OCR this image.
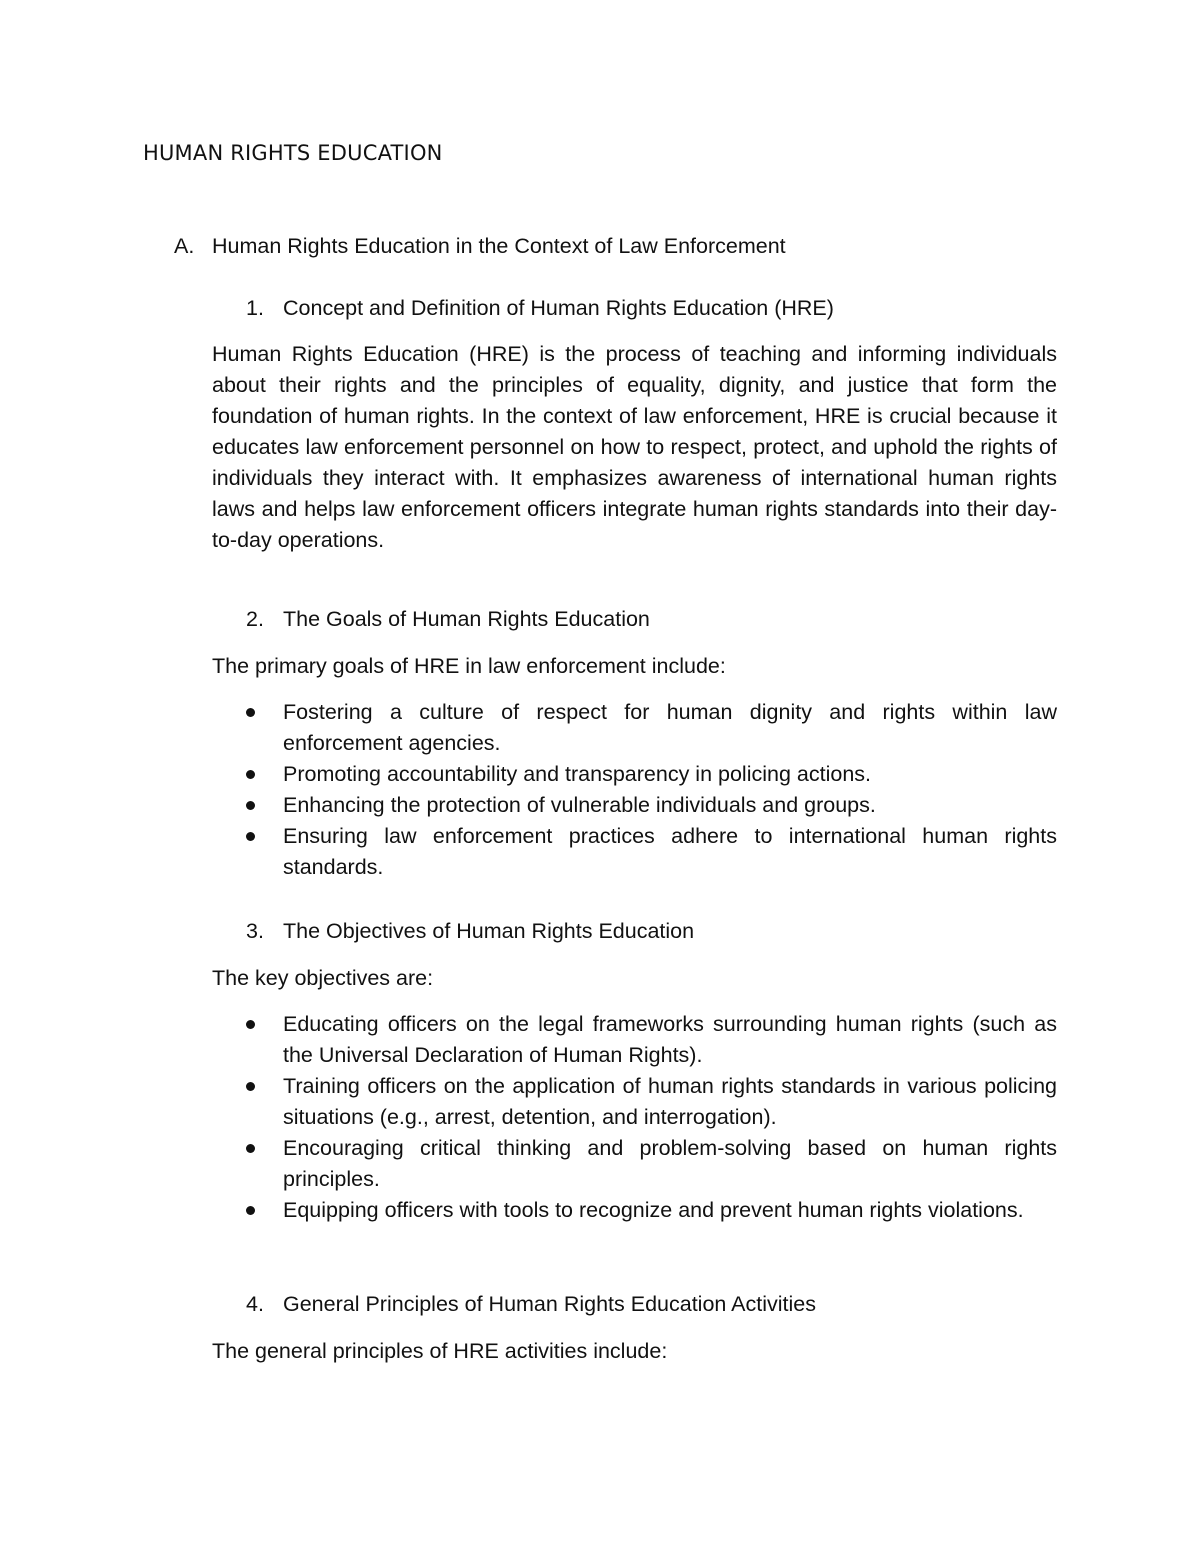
HUMAN RIGHTS EDUCATION
A. Human Rights Education in the Context of Law Enforcement
1. Concept and Definition of Human Rights Education (HRE)

Human Rights Education (HRE) is the process of teaching and informing individuals about their rights and the principles of equality, dignity, and justice that form the foundation of human rights. In the context of law enforcement, HRE is crucial because it educates law enforcement personnel on how to respect, protect, and uphold the rights of individuals they interact with. It emphasizes awareness of international human rights laws and helps law enforcement officers integrate human rights standards into their day-to-day operations.

2. The Goals of Human Rights Education
The primary goals of HRE in law enforcement include:
Fostering a culture of respect for human dignity and rights within law enforcement agencies.
Promoting accountability and transparency in policing actions.
Enhancing the protection of vulnerable individuals and groups.
Ensuring law enforcement practices adhere to international human rights standards.
3. The Objectives of Human Rights Education
The key objectives are:
Educating officers on the legal frameworks surrounding human rights (such as the Universal Declaration of Human Rights).
Training officers on the application of human rights standards in various policing situations (e.g., arrest, detention, and interrogation).
Encouraging critical thinking and problem-solving based on human rights principles.
Equipping officers with tools to recognize and prevent human rights violations.
4. General Principles of Human Rights Education Activities
The general principles of HRE activities include:
